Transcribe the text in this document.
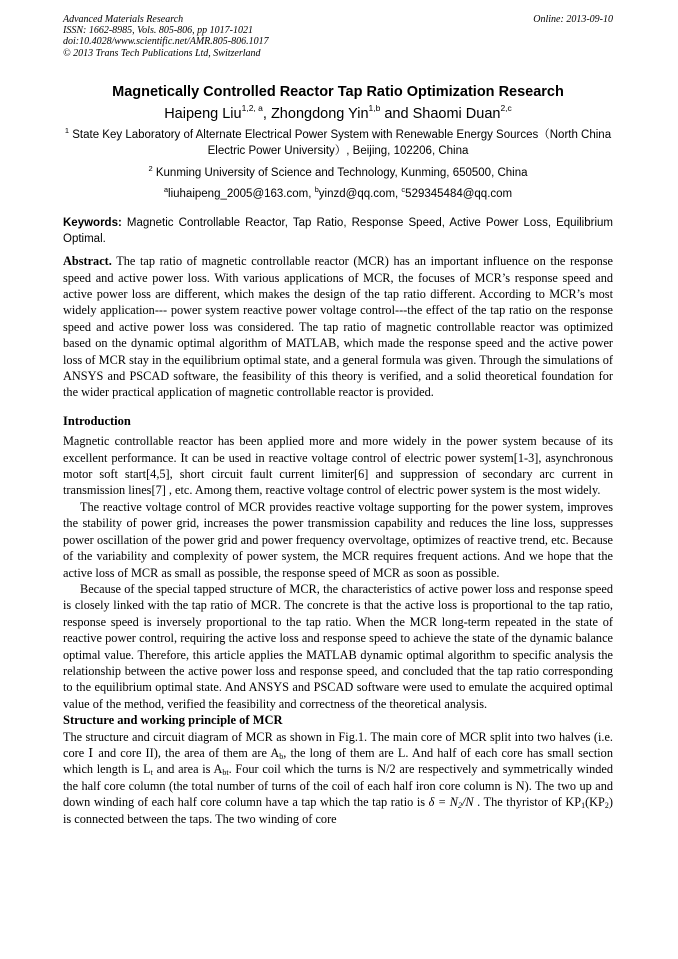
Advanced Materials Research
ISSN: 1662-8985, Vols. 805-806, pp 1017-1021
doi:10.4028/www.scientific.net/AMR.805-806.1017
© 2013 Trans Tech Publications Ltd, Switzerland
Online: 2013-09-10
Magnetically Controlled Reactor Tap Ratio Optimization Research
Haipeng Liu$^{1,2, a}$, Zhongdong Yin$^{1,b}$ and Shaomi Duan$^{2,c}$
$^1$ State Key Laboratory of Alternate Electrical Power System with Renewable Energy Sources（North China Electric Power University）, Beijing, 102206, China
$^2$ Kunming University of Science and Technology, Kunming, 650500, China
$^a$liuhaipeng_2005@163.com, $^b$yinzd@qq.com, $^c$529345484@qq.com
Keywords: Magnetic Controllable Reactor, Tap Ratio, Response Speed, Active Power Loss, Equilibrium Optimal.

Abstract. The tap ratio of magnetic controllable reactor (MCR) has an important influence on the response speed and active power loss. With various applications of MCR, the focuses of MCR’s response speed and active power loss are different, which makes the design of the tap ratio different. According to MCR’s most widely application--- power system reactive power voltage control---the effect of the tap ratio on the response speed and active power loss was considered. The tap ratio of magnetic controllable reactor was optimized based on the dynamic optimal algorithm of MATLAB, which made the response speed and the active power loss of MCR stay in the equilibrium optimal state, and a general formula was given. Through the simulations of ANSYS and PSCAD software, the feasibility of this theory is verified, and a solid theoretical foundation for the wider practical application of magnetic controllable reactor is provided.

Introduction

Magnetic controllable reactor has been applied more and more widely in the power system because of its excellent performance. It can be used in reactive voltage control of electric power system[1-3], asynchronous motor soft start[4,5], short circuit fault current limiter[6] and suppression of secondary arc current in transmission lines[7] , etc. Among them, reactive voltage control of electric power system is the most widely.

The reactive voltage control of MCR provides reactive voltage supporting for the power system, improves the stability of power grid, increases the power transmission capability and reduces the line loss, suppresses power oscillation of the power grid and power frequency overvoltage, optimizes of reactive trend, etc. Because of the variability and complexity of power system, the MCR requires frequent actions. And we hope that the active loss of MCR as small as possible, the response speed of MCR as soon as possible.

Because of the special tapped structure of MCR, the characteristics of active power loss and response speed is closely linked with the tap ratio of MCR. The concrete is that the active loss is proportional to the tap ratio, response speed is inversely proportional to the tap ratio. When the MCR long-term repeated in the state of reactive power control, requiring the active loss and response speed to achieve the state of the dynamic balance optimal value. Therefore, this article applies the MATLAB dynamic optimal algorithm to specific analysis the relationship between the active power loss and response speed, and concluded that the tap ratio corresponding to the equilibrium optimal state. And ANSYS and PSCAD software were used to emulate the acquired optimal value of the method, verified the feasibility and correctness of the theoretical analysis.

Structure and working principle of MCR

The structure and circuit diagram of MCR as shown in Fig.1. The main core of MCR split into two halves (i.e. core Ⅰ and core II), the area of them are $A_b$, the long of them are L. And half of each core has small section which length is $L_t$ and area is $A_{bt}$. Four coil which the turns is N/2 are respectively and symmetrically winded the half core column (the total number of turns of the coil of each half iron core column is N). The two up and down winding of each half core column have a tap which the tap ratio is $\delta = N_2/N$ . The thyristor of $KP_1(KP_2)$ is connected between the taps. The two winding of core
